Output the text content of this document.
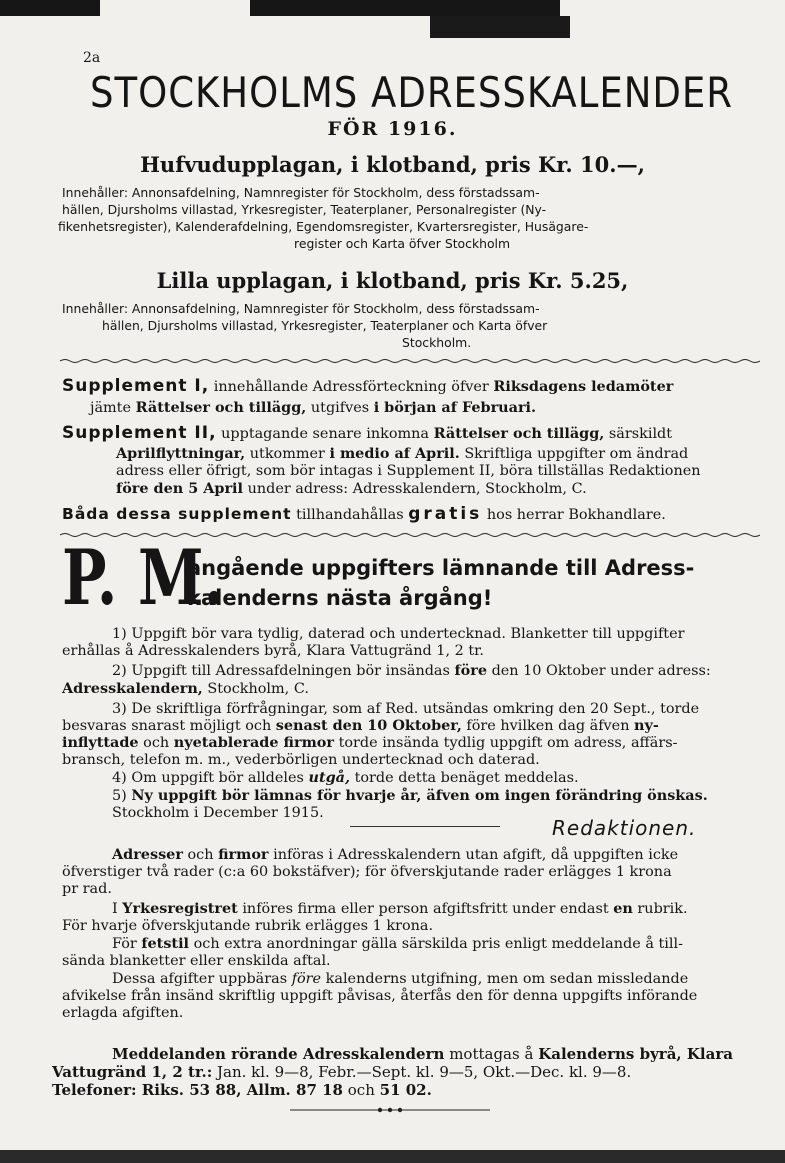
2a
STOCKHOLMS ADRESSKALENDER
FÖR 1916.
Hufvudupplagan, i klotband, pris Kr. 10.—,
Innehåller: Annonsafdelning, Namnregister för Stockholm, dess förstadssam-
hällen, Djursholms villastad, Yrkesregister, Teaterplaner, Personalregister (Ny-
fikenhetsregister), Kalenderafdelning, Egendomsregister, Kvartersregister, Husägare-
register och Karta öfver Stockholm
Lilla upplagan, i klotband, pris Kr. 5.25,
Innehåller: Annonsafdelning, Namnregister för Stockholm, dess förstadssam-
hällen, Djursholms villastad, Yrkesregister, Teaterplaner och Karta öfver
Stockholm.
Supplement I, innehållande Adressförteckning öfver Riksdagens ledamöter
jämte Rättelser och tillägg, utgifves i början af Februari.
Supplement II, upptagande senare inkomna Rättelser och tillägg, särskildt
Aprilflyttningar, utkommer i medio af April. Skriftliga uppgifter om ändrad
adress eller öfrigt, som bör intagas i Supplement II, böra tillställas Redaktionen
före den 5 April under adress: Adresskalendern, Stockholm, C.
Båda dessa supplement tillhandahållas gratis hos herrar Bokhandlare.
P. M.
angående uppgifters lämnande till Adress-
kalenderns nästa årgång!
1) Uppgift bör vara tydlig, daterad och undertecknad. Blanketter till uppgifter
erhållas å Adresskalenders byrå, Klara Vattugränd 1, 2 tr.
2) Uppgift till Adressafdelningen bör insändas före den 10 Oktober under adress:
Adresskalendern, Stockholm, C.
3) De skriftliga förfrågningar, som af Red. utsändas omkring den 20 Sept., torde
besvaras snarast möjligt och senast den 10 Oktober, före hvilken dag äfven ny-
inflyttade och nyetablerade firmor torde insända tydlig uppgift om adress, affärs-
bransch, telefon m. m., vederbörligen undertecknad och daterad.
4) Om uppgift bör alldeles utgå, torde detta benäget meddelas.
5) Ny uppgift bör lämnas för hvarje år, äfven om ingen förändring önskas.
Stockholm i December 1915.
Redaktionen.
Adresser och firmor införas i Adresskalendern utan afgift, då uppgiften icke
öfverstiger två rader (c:a 60 bokstäfver); för öfverskjutande rader erlägges 1 krona
pr rad.
I Yrkesregistret införes firma eller person afgiftsfritt under endast en rubrik.
För hvarje öfverskjutande rubrik erlägges 1 krona.
För fetstil och extra anordningar gälla särskilda pris enligt meddelande å till-
sända blanketter eller enskilda aftal.
Dessa afgifter uppbäras före kalenderns utgifning, men om sedan missledande
afvikelse från insänd skriftlig uppgift påvisas, återfås den för denna uppgifts införande
erlagda afgiften.
Meddelanden rörande Adresskalendern mottagas å Kalenderns byrå, Klara
Vattugränd 1, 2 tr.: Jan. kl. 9—8, Febr.—Sept. kl. 9—5, Okt.—Dec. kl. 9—8.
Telefoner: Riks. 53 88, Allm. 87 18 och 51 02.
